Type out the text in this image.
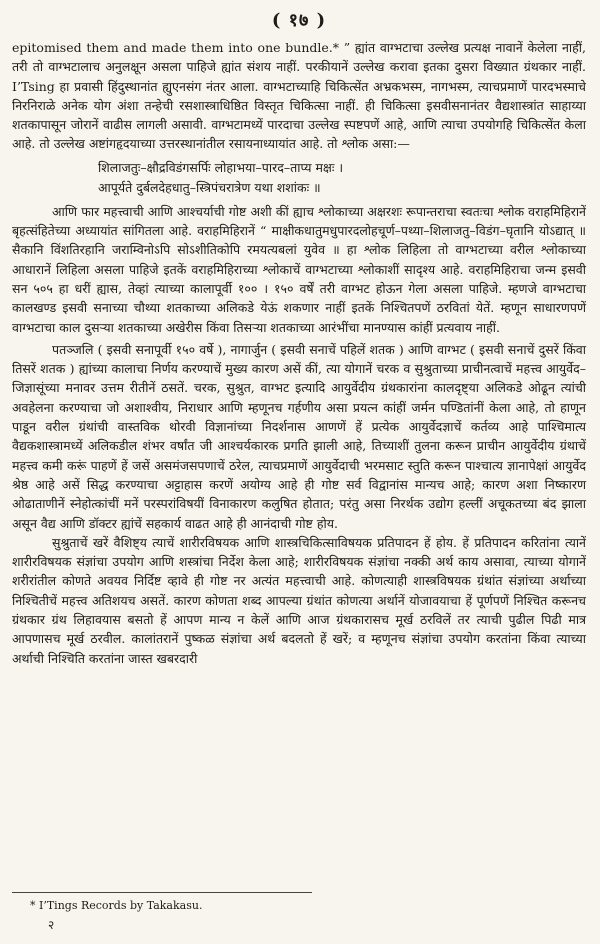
( १७ )

epitomised them and made them into one bundle.* ” ह्यांत वाग्भटाचा उल्लेख प्रत्यक्ष नावानें केलेला नाहीं, तरी तो वाग्भटालाच अनुलक्षून असला पाहिजे ह्यांत संशय नाहीं. परकीयानें उल्लेख करावा इतका दुसरा विख्यात ग्रंथकार नाहीं. I’Tsing हा प्रवासी हिंदुस्थानांत ह्युएनसंग नंतर आला. वाग्भटाच्याहि चिकित्सेंत अभ्रकभस्म, नागभस्म, त्याचप्रमाणें पारदभस्माचे निरनिराळे अनेक योग अंशा तन्हेची रसशास्त्राधिष्ठित विस्तृत चिकित्सा नाहीं. ही चिकित्सा इसवीसनानंतर वैद्यशास्त्रांत साहाय्या शतकापासून जोरानें वाढीस लागली असावी. वाग्भटामध्यें पारदाचा उल्लेख स्पष्टपणें आहे, आणि त्याचा उपयोगहि चिकित्सेंत केला आहे. तो उल्लेख अष्टांगहृदयाच्या उत्तरस्थानांतील रसायनाध्यायांत आहे. तो श्लोक असा:—

शिलाजतुः–क्षौद्रविडंगसर्पिः लोहाभया–पारद–ताप्य मक्षः ।
आपूर्यते दुर्बलदेहधातु–स्त्रिपंचरात्रेण यथा शशांकः ॥

आणि फार महत्त्वाची आणि आश्चर्याची गोष्ट अशी कीं ह्याच श्लोकाच्या अक्षरशः रूपान्तराचा स्वतःचा श्लोक वराहमिहिरानें बृहत्संहितेच्या अध्यायांत सांगितला आहे. वराहमिहिरानें “ माक्षीकधातुमधुपारदलोहचूर्ण–पथ्या–शिलाजतु–विडंग–घृतानि योऽद्यात् ॥ सैकानि विंशतिरहानि जराम्विनोऽपि सोऽशीतिकोपि रमयत्यबलां युवेव ॥ हा श्लोक लिहिला तो वाग्भटाच्या वरील श्लोकाच्या आधारानें लिहिला असला पाहिजे इतकें वराहमिहिराच्या श्लोकाचें वाग्भटाच्या श्लोकाशीं सादृश्य आहे. वराहमिहिराचा जन्म इसवी सन ५०५ हा धरीं ह्यास, तेव्हां त्याच्या कालापूर्वी १०० । १५० वर्षें तरी वाग्भट होऊन गेला असला पाहिजे. म्हणजे वाग्भटाचा कालखण्ड इसवी सनाच्या चौथ्या शतकाच्या अलिकडे येऊं शकणार नाहीं इतकें निश्चितपणें ठरवितां येतें. म्हणून साधारणपणें वाग्भटाचा काल दुसऱ्या शतकाच्या अखेरीस किंवा तिसऱ्या शतकाच्या आरंभींचा मानण्यास कांहीं प्रत्यवाय नाहीं.

पतञ्जलि ( इसवी सनापूर्वी १५० वर्षे ), नागार्जुन ( इसवी सनाचें पहिलें शतक ) आणि वाग्भट ( इसवी सनाचें दुसरें किंवा तिसरें शतक ) ह्यांच्या कालाचा निर्णय करण्याचें मुख्य कारण असें कीं, त्या योगानें चरक व सुश्रुताच्या प्राचीनत्वाचें महत्त्व आयुर्वेद–जिज्ञासूंच्या मनावर उत्तम रीतीनें ठसतें. चरक, सुश्रुत, वाग्भट इत्यादि आयुर्वेदीय ग्रंथकारांना कालदृष्ट्या अलिकडे ओढून त्यांची अवहेलना करण्याचा जो अशाश्वीय, निराधार आणि म्हणूनच गर्हणीय असा प्रयत्न कांहीं जर्मन पण्डितांनीं केला आहे, तो हाणून पाडून वरील ग्रंथांची वास्तविक थोरवी विज्ञानांच्या निदर्शनास आणणें हें प्रत्येक आयुर्वेदज्ञाचें कर्तव्य आहे पाश्चिमात्य वैद्यकशास्त्रामध्यें अलिकडील शंभर वर्षांत जी आश्चर्यकारक प्रगति झाली आहे, तिच्याशीं तुलना करून प्राचीन आयुर्वेदीय ग्रंथाचें महत्त्व कमी करूं पाहणें हें जसें असमंजसपणाचें ठरेल, त्याचप्रमाणें आयुर्वेदाची भरमसाट स्तुति करून पाश्चात्य ज्ञानापेक्षां आयुर्वेद श्रेष्ठ आहे असें सिद्ध करण्याचा अट्टाहास करणें अयोग्य आहे ही गोष्ट सर्व विद्वानांस मान्यच आहे; कारण अशा निष्कारण ओढाताणीनें स्नेहोत्कांचीं मनें परस्परांविषयीं विनाकारण कलुषित होतात; परंतु असा निरर्थक उद्योग हल्लीं अचूकतच्या बंद झाला असून वैद्य आणि डॉक्टर ह्यांचें सहकार्य वाढत आहे ही आनंदाची गोष्ट होय.

सुश्रुताचें खरें वैशिष्ट्य त्याचें शारीरविषयक आणि शास्त्रचिकित्साविषयक प्रतिपादन हें होय. हें प्रतिपादन करितांना त्यानें शारीरविषयक संज्ञांचा उपयोग आणि शस्त्रांचा निर्देश केला आहे; शारीरविषयक संज्ञांचा नक्की अर्थ काय असावा, त्याच्या योगानें शरीरांतील कोणते अवयव निर्दिष्ट व्हावे ही गोष्ट नर अत्यंत महत्त्वाची आहे. कोणत्याही शास्त्रविषयक ग्रंथांत संज्ञांच्या अर्थाच्या निश्चितीचें महत्त्व अतिशयच असतें. कारण कोणता शब्द आपल्या ग्रंथांत कोणत्या अर्थानें योजावयाचा हें पूर्णपणें निश्चित करूनच ग्रंथकार ग्रंथ लिहावयास बसतो हें आपण मान्य न केलें आणि आज ग्रंथकारासच मूर्ख ठरविलें तर त्याची पुढील पिढी मात्र आपणासच मूर्ख ठरवील. कालांतरानें पुष्कळ संज्ञांचा अर्थ बदलतो हें खरें; व म्हणूनच संज्ञांचा उपयोग करतांना किंवा त्याच्या अर्थाची निश्चिति करतांना जास्त खबरदारी

* I’Tings Records by Takakasu.
२
